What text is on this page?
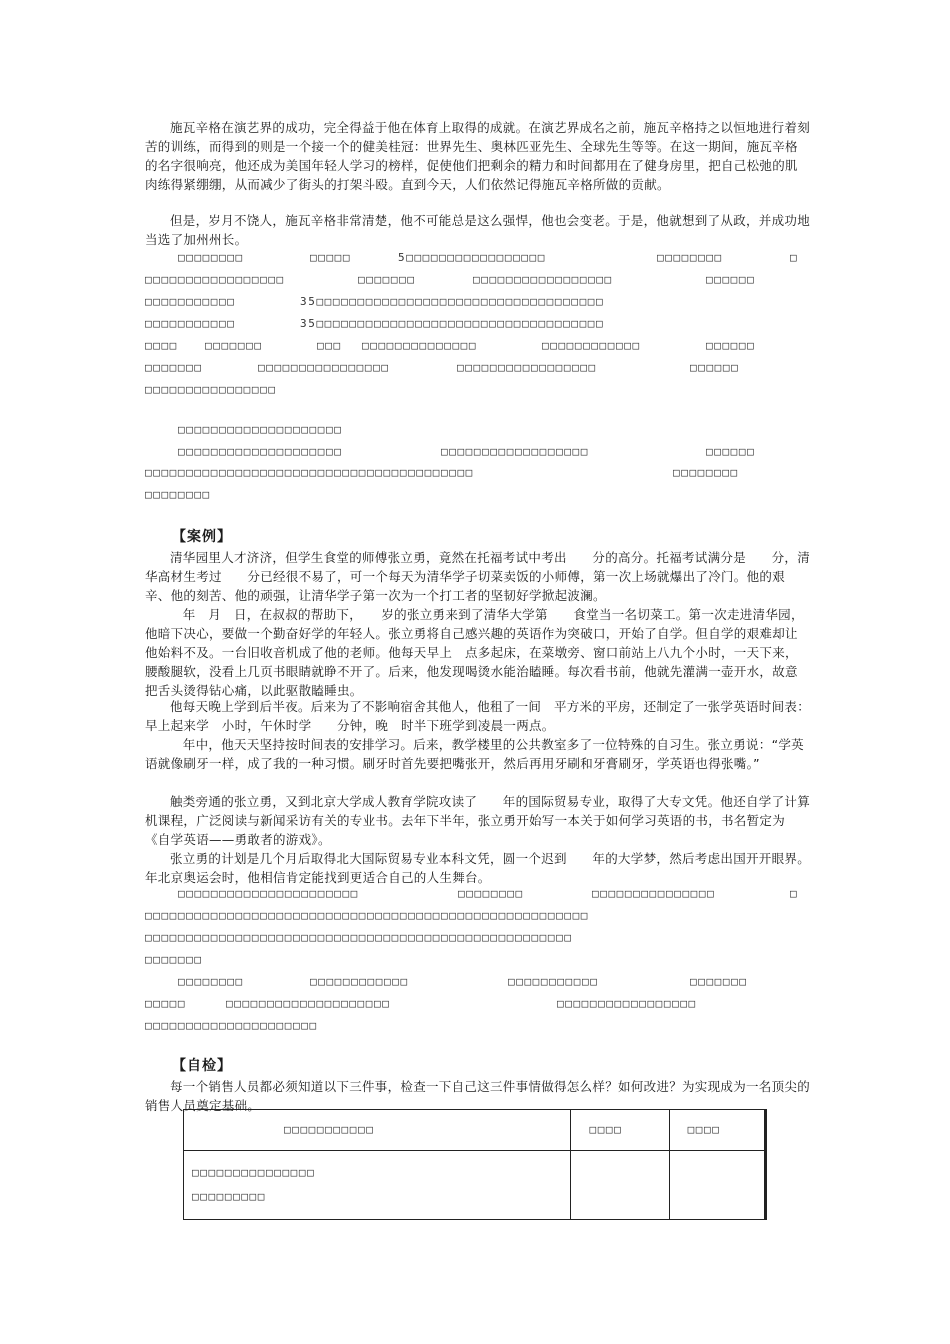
施瓦辛格在演艺界的成功，完全得益于他在体育上取得的成就。在演艺界成名之前，施瓦辛格持之以恒地进行着刻苦的训练，而得到的则是一个接一个的健美桂冠：世界先生、奥林匹亚先生、全球先生等等。在这一期间，施瓦辛格的名字很响亮，他还成为美国年轻人学习的榜样，促使他们把剩余的精力和时间都用在了健身房里，把自己松弛的肌肉练得紧绷绷，从而减少了街头的打架斗殴。直到今天，人们依然记得施瓦辛格所做的贡献。

但是，岁月不饶人，施瓦辛格非常清楚，他不可能总是这么强悍，他也会变老。于是，他就想到了从政，并成功地当选了加州州长。

□□□□□□□□	□□□□□	5□□□□□□□□□□□□□□□□□	□□□□□□□□	□
□□□□□□□□□□□□□□□□□	□□□□□□□	□□□□□□□□□□□□□□□□□	□□□□□□
□□□□□□□□□□□	35□□□□□□□□□□□□□□□□□□□□□□□□□□□□□□□□□□□
□□□□□□□□□□□	35□□□□□□□□□□□□□□□□□□□□□□□□□□□□□□□□□□□
□□□□ □□□□□□□	□□□ □□□□□□□□□□□□□□	□□□□□□□□□□□□	□□□□□□
□□□□□□□	□□□□□□□□□□□□□□□□	□□□□□□□□□□□□□□□□□	□□□□□□
□□□□□□□□□□□□□□□□
□□□□□□□□□□□□□□□□□□□□
□□□□□□□□□□□□□□□□□□□□	□□□□□□□□□□□□□□□□□□	□□□□□□
□□□□□□□□□□□□□□□□□□□□□□□□□□□□□□□□□□□□□□□□	□□□□□□□□
□□□□□□□□
【案例】

清华园里人才济济，但学生食堂的师傅张立勇，竟然在托福考试中考出　　分的高分。托福考试满分是　　分，清华高材生考过　　分已经很不易了，可一个每天为清华学子切菜卖饭的小师傅，第一次上场就爆出了冷门。他的艰辛、他的刻苦、他的顽强，让清华学子第一次为一个打工者的坚韧好学掀起波澜。

　年　月　日，在叔叔的帮助下，　　岁的张立勇来到了清华大学第　　食堂当一名切菜工。第一次走进清华园，他暗下决心，要做一个勤奋好学的年轻人。张立勇将自己感兴趣的英语作为突破口，开始了自学。但自学的艰难却让他始料不及。一台旧收音机成了他的老师。他每天早上　点多起床，在菜墩旁、窗口前站上八九个小时，一天下来，腰酸腿软，没看上几页书眼睛就睁不开了。后来，他发现喝烫水能治瞌睡。每次看书前，他就先灌满一壶开水，故意把舌头烫得钻心痛，以此驱散瞌睡虫。

他每天晚上学到后半夜。后来为了不影响宿舍其他人，他租了一间　平方米的平房，还制定了一张学英语时间表：早上起来学　小时，午休时学　　分钟，晚　时半下班学到凌晨一两点。

　年中，他天天坚持按时间表的安排学习。后来，教学楼里的公共教室多了一位特殊的自习生。张立勇说：“学英语就像刷牙一样，成了我的一种习惯。刷牙时首先要把嘴张开，然后再用牙刷和牙膏刷牙，学英语也得张嘴。”

触类旁通的张立勇，又到北京大学成人教育学院攻读了　　年的国际贸易专业，取得了大专文凭。他还自学了计算机课程，广泛阅读与新闻采访有关的专业书。去年下半年，张立勇开始写一本关于如何学习英语的书，书名暂定为《自学英语——勇敢者的游戏》。

张立勇的计划是几个月后取得北大国际贸易专业本科文凭，圆一个迟到　　年的大学梦，然后考虑出国开开眼界。　　年北京奥运会时，他相信肯定能找到更适合自己的人生舞台。

□□□□□□□□□□□□□□□□□□□□□□	□□□□□□□□	□□□□□□□□□□□□□□□	□
□□□□□□□□□□□□□□□□□□□□□□□□□□□□□□□□□□□□□□□□□□□□□□□□□□□□□□
□□□□□□□□□□□□□□□□□□□□□□□□□□□□□□□□□□□□□□□□□□□□□□□□□□□□
□□□□□□□
□□□□□□□□	□□□□□□□□□□□□	□□□□□□□□□□□	□□□□□□□
□□□□□	□□□□□□□□□□□□□□□□□□□□	□□□□□□□□□□□□□□□□□
□□□□□□□□□□□□□□□□□□□□□
【自检】

每一个销售人员都必须知道以下三件事，检查一下自己这三件事情做得怎么样？如何改进？为实现成为一名顶尖的销售人员奠定基础。

□□□□□□□□□□□	□□□□	□□□□

□□□□□□□□□□□□□□□
□□□□□□□□□		
